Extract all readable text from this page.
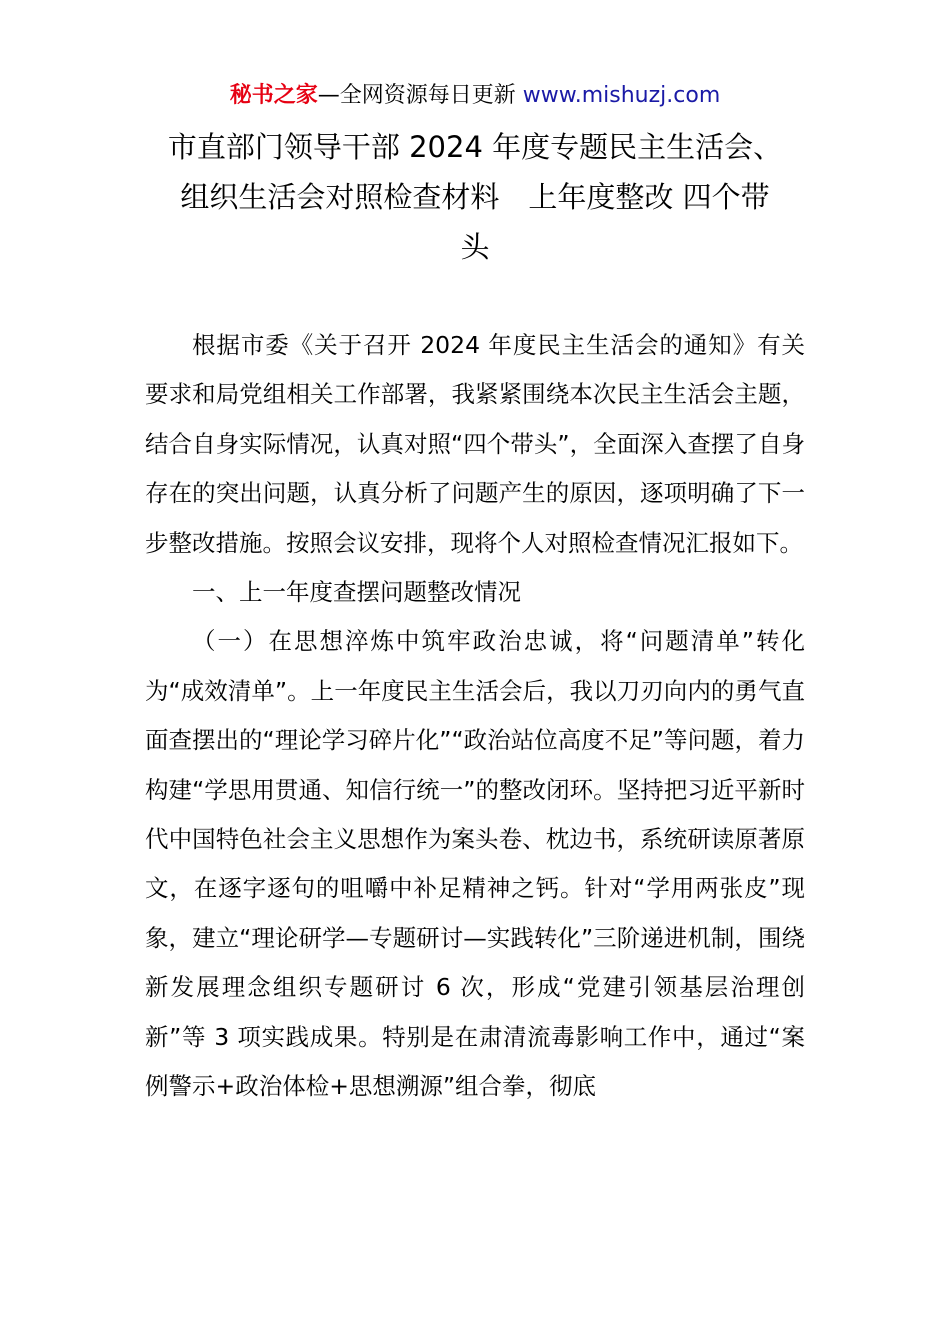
秘书之家—全网资源每日更新 www.mishuzj.com
市直部门领导干部 2024 年度专题民主生活会、
组织生活会对照检查材料　上年度整改 四个带
头

根据市委《关于召开 2024 年度民主生活会的通知》有关要求和局党组相关工作部署，我紧紧围绕本次民主生活会主题，结合自身实际情况，认真对照“四个带头”，全面深入查摆了自身存在的突出问题，认真分析了问题产生的原因，逐项明确了下一步整改措施。按照会议安排，现将个人对照检查情况汇报如下。

一、上一年度查摆问题整改情况

（一）在思想淬炼中筑牢政治忠诚，将“问题清单”转化为“成效清单”。上一年度民主生活会后，我以刀刃向内的勇气直面查摆出的“理论学习碎片化”“政治站位高度不足”等问题，着力构建“学思用贯通、知信行统一”的整改闭环。坚持把习近平新时代中国特色社会主义思想作为案头卷、枕边书，系统研读原著原文，在逐字逐句的咀嚼中补足精神之钙。针对“学用两张皮”现象，建立“理论研学—专题研讨—实践转化”三阶递进机制，围绕新发展理念组织专题研讨 6 次，形成“党建引领基层治理创新”等 3 项实践成果。特别是在肃清流毒影响工作中，通过“案例警示+政治体检+思想溯源”组合拳，彻底
